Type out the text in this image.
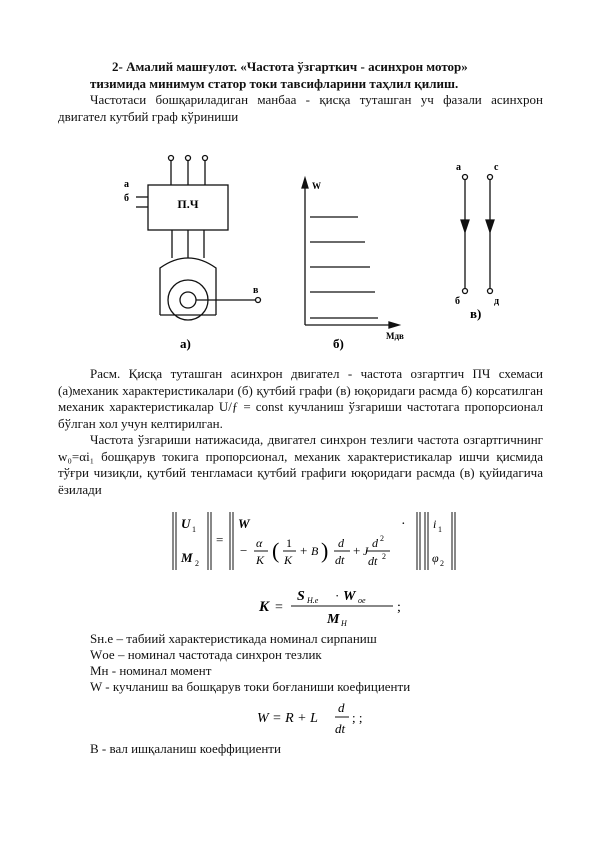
2- Амалий машғулот. «Частота ўзгарткич - асинхрон мотор»
тизимида минимум статор токи тавсифларини таҳлил қилиш.
Частотаси бошқариладиган манбаа - қисқа туташган уч фазали асинхрон двигател кутбий граф кўриниши
П.Ч
а
б
в
а)
W
Мдв
б)
а	с
б	д
в)
Расм. Қисқа туташган асинхрон двигател - частота озгартгич ПЧ схемаси (а)механик характеристикалари (б) қутбий графи (в) юқоридаги расмда б) корсатилган механик характеристикалар U/ƒ = const кучланиш ўзгариши частотага пропорсионал бўлган хол учун келтирилган.
Частота ўзгариши натижасида, двигател синхрон тезлиги частота озгартгичнинг w₀=αi₁ бошқарув токига пропорсионал, механик характеристикалар ишчи қисмида тўғри чизиқли, қутбий тенгламаси қутбий графиги юқоридаги расмда (в) қуйидагича ёзилади
U 1
M 2
=
W
− α
K ( 1
K
+ B ) d
dt
+ J
d 2
dt 2
· i 1
φ 2
K =
S Н.е · W ое
M Н
;
Sн.е – табиий характеристикада номинал сирпаниш
Wое – номинал частотада синхрон тезлик
Мн - номинал момент
W - кучланиш ва бошқарув токи боғланиши коефициенти
W = R + L
d
dt
; ;
В - вал ишқаланиш коеффициенти
